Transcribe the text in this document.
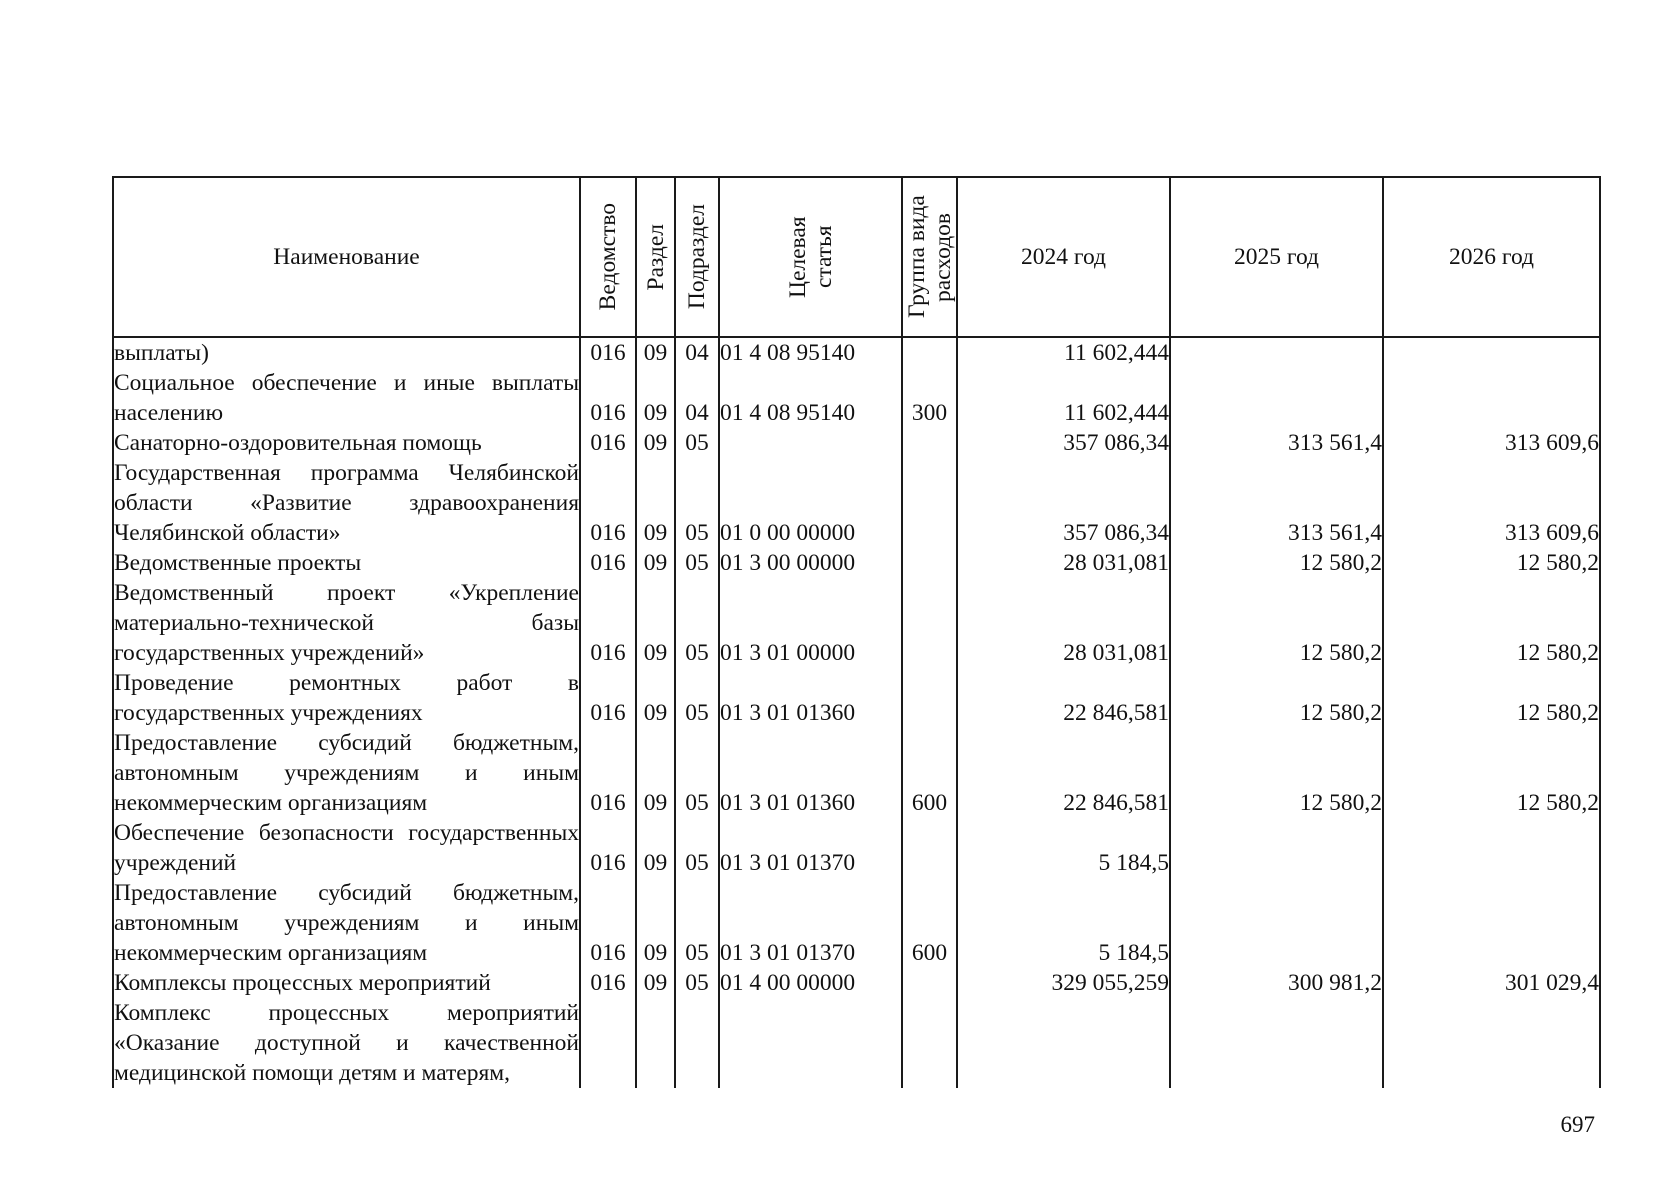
Наименование	Ведомство	Раздел	Подраздел	Целевая статья	Группа вида расходов	2024 год	2025 год	2026 год
выплаты)	016	09	04	01 4 08 95140		11 602,444		
Социальное обеспечение и иные выплаты населению	016	09	04	01 4 08 95140	300	11 602,444		
Санаторно-оздоровительная помощь	016	09	05			357 086,34	313 561,4	313 609,6
Государственная программа Челябинской области «Развитие здравоохранения Челябинской области»	016	09	05	01 0 00 00000		357 086,34	313 561,4	313 609,6
Ведомственные проекты	016	09	05	01 3 00 00000		28 031,081	12 580,2	12 580,2
Ведомственный проект «Укрепление материально-технической базы государственных учреждений»	016	09	05	01 3 01 00000		28 031,081	12 580,2	12 580,2
Проведение ремонтных работ в государственных учреждениях	016	09	05	01 3 01 01360		22 846,581	12 580,2	12 580,2
Предоставление субсидий бюджетным, автономным учреждениям и иным некоммерческим организациям	016	09	05	01 3 01 01360	600	22 846,581	12 580,2	12 580,2
Обеспечение безопасности государственных учреждений	016	09	05	01 3 01 01370		5 184,5		
Предоставление субсидий бюджетным, автономным учреждениям и иным некоммерческим организациям	016	09	05	01 3 01 01370	600	5 184,5		
Комплексы процессных мероприятий	016	09	05	01 4 00 00000		329 055,259	300 981,2	301 029,4
Комплекс процессных мероприятий «Оказание доступной и качественной медицинской помощи детям и матерям,								
697
